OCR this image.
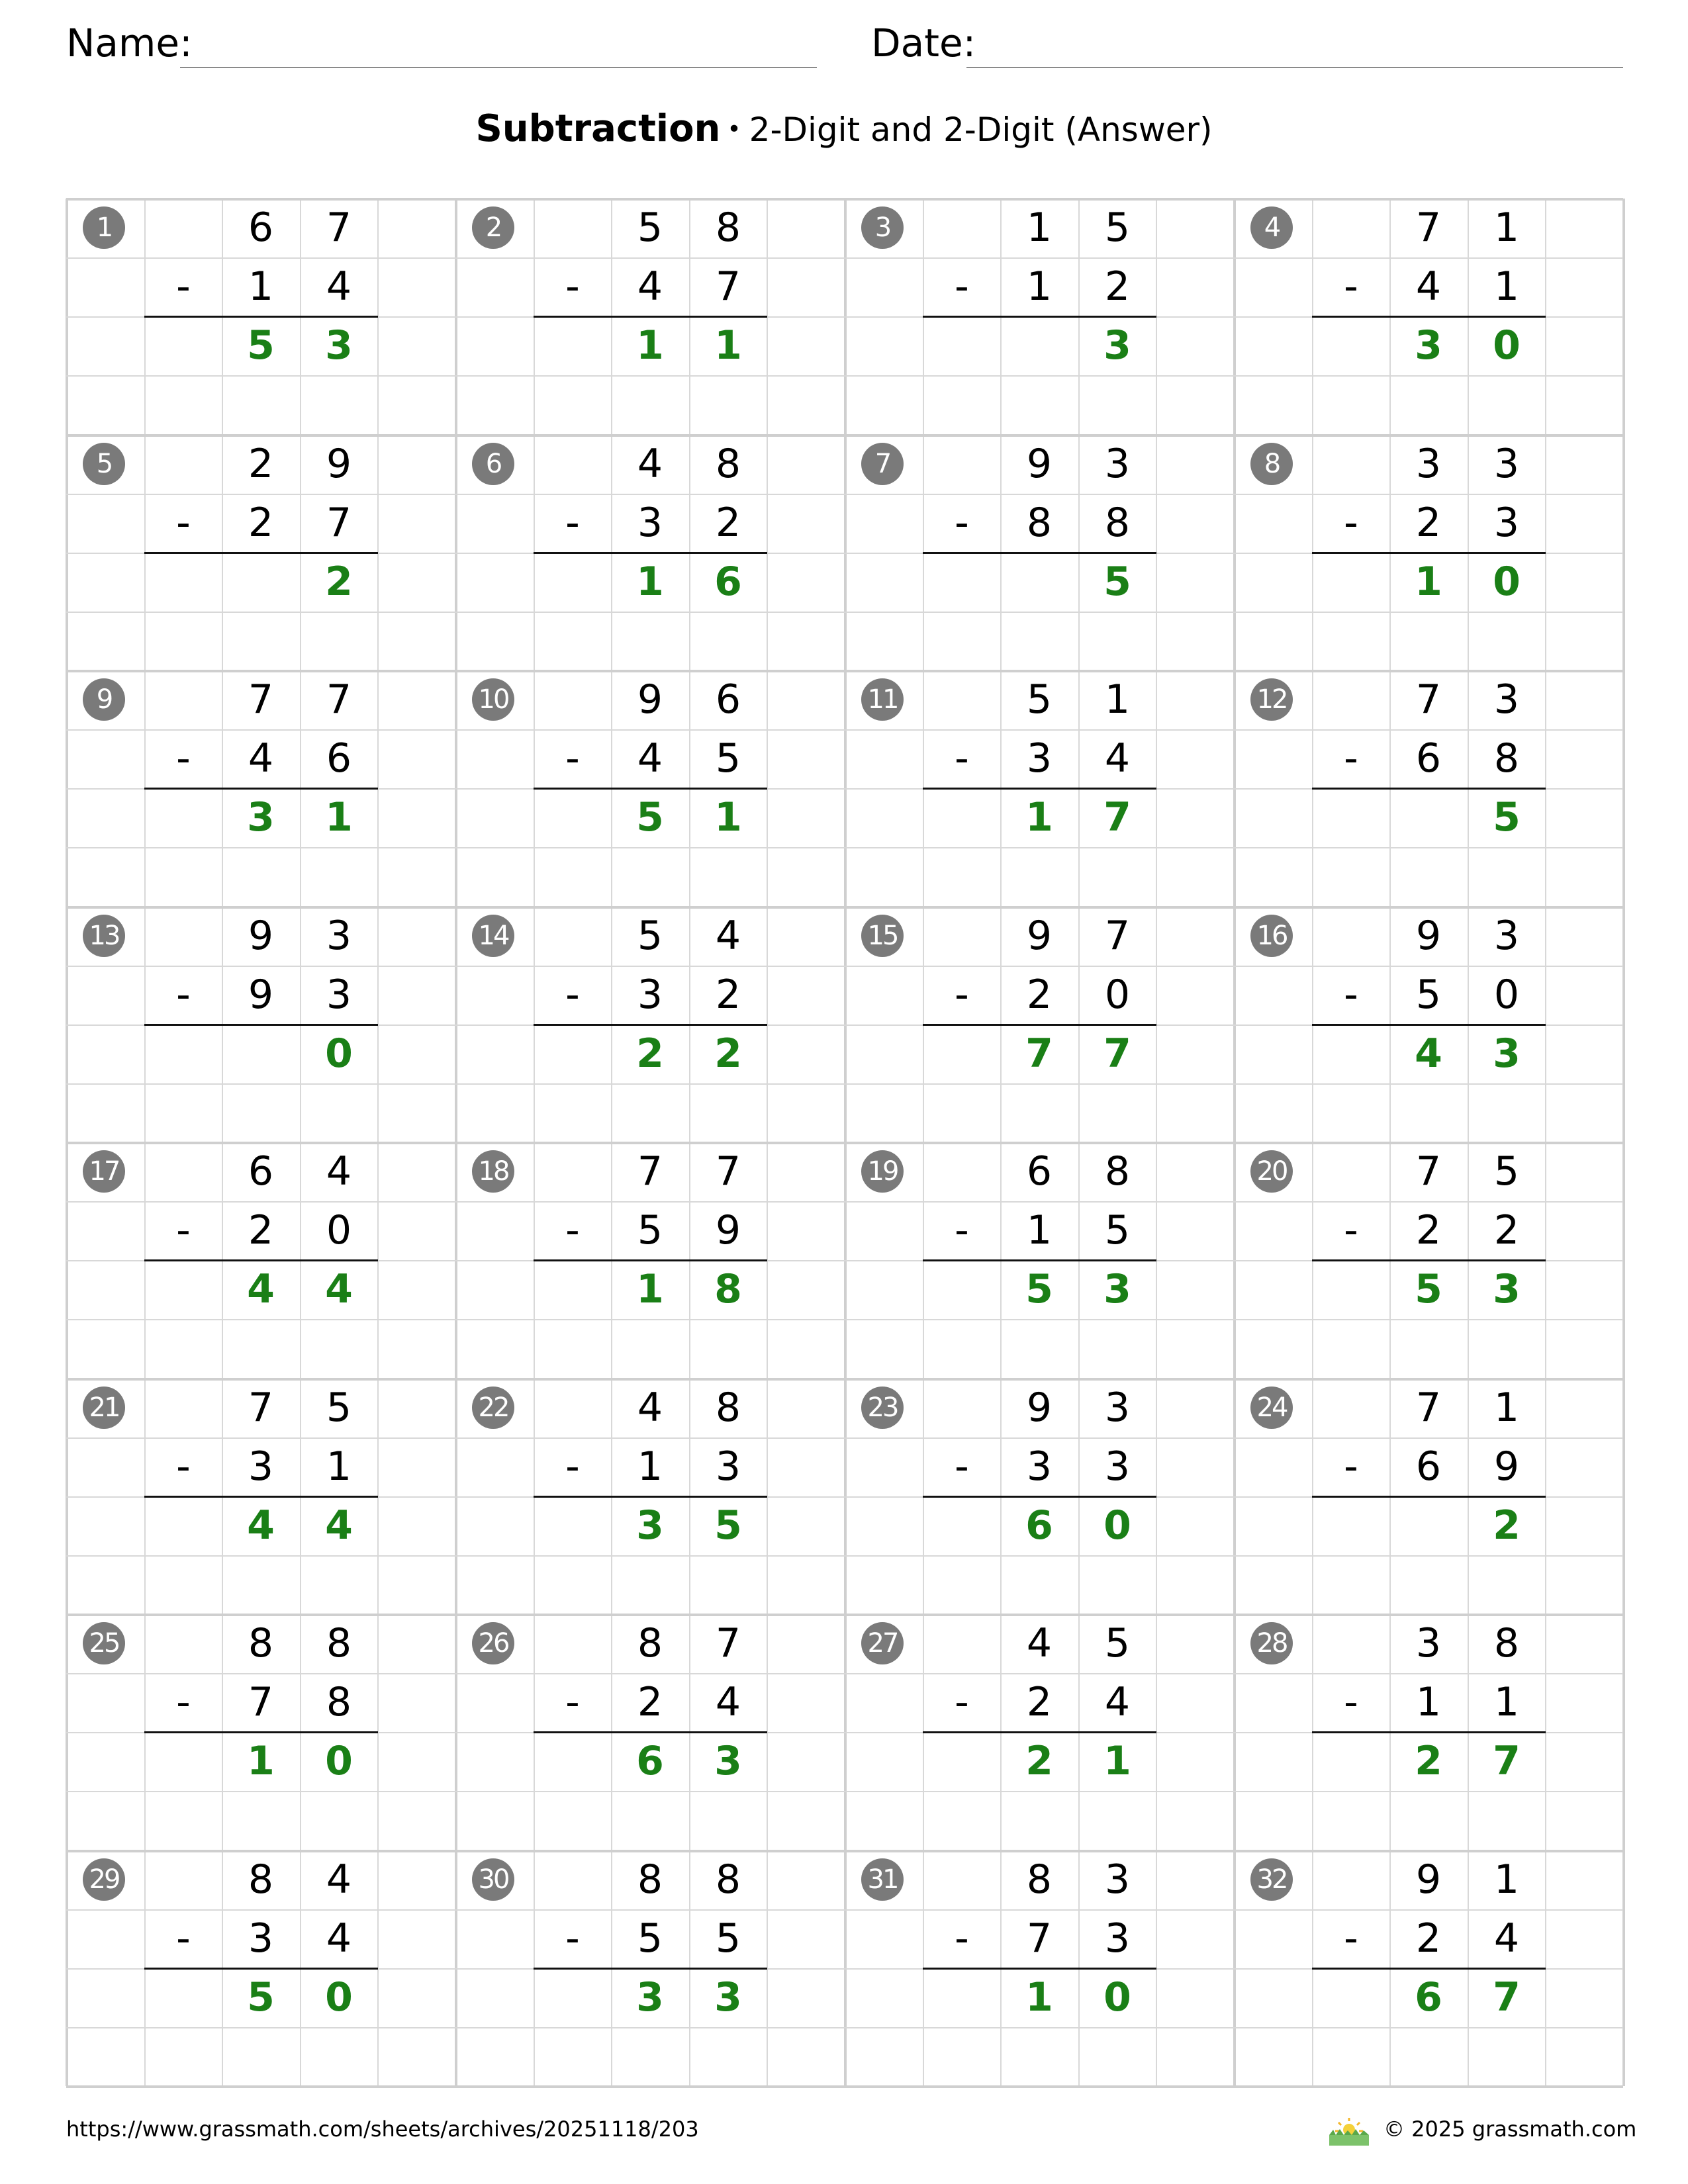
Name:	Date:
Subtraction • 2-Digit and 2-Digit (Answer)
1	6	7
-	1	4
5	3
2	5	8
-	4	7
1	1
3	1	5
-	1	2
3
4	7	1
-	4	1
3	0
5	2	9
-	2	7
2
6	4	8
-	3	2
1	6
7	9	3
-	8	8
5
8	3	3
-	2	3
1	0
9	7	7
-	4	6
3	1
10	9	6
-	4	5
5	1
11	5	1
-	3	4
1	7
12	7	3
-	6	8
5
13	9	3
-	9	3
0
14	5	4
-	3	2
2	2
15	9	7
-	2	0
7	7
16	9	3
-	5	0
4	3
17	6	4
-	2	0
4	4
18	7	7
-	5	9
1	8
19	6	8
-	1	5
5	3
20	7	5
-	2	2
5	3
21	7	5
-	3	1
4	4
22	4	8
-	1	3
3	5
23	9	3
-	3	3
6	0
24	7	1
-	6	9
2
25	8	8
-	7	8
1	0
26	8	7
-	2	4
6	3
27	4	5
-	2	4
2	1
28	3	8
-	1	1
2	7
29	8	4
-	3	4
5	0
30	8	8
-	5	5
3	3
31	8	3
-	7	3
1	0
32	9	1
-	2	4
6	7
https://www.grassmath.com/sheets/archives/20251118/203	© 2025 grassmath.com
